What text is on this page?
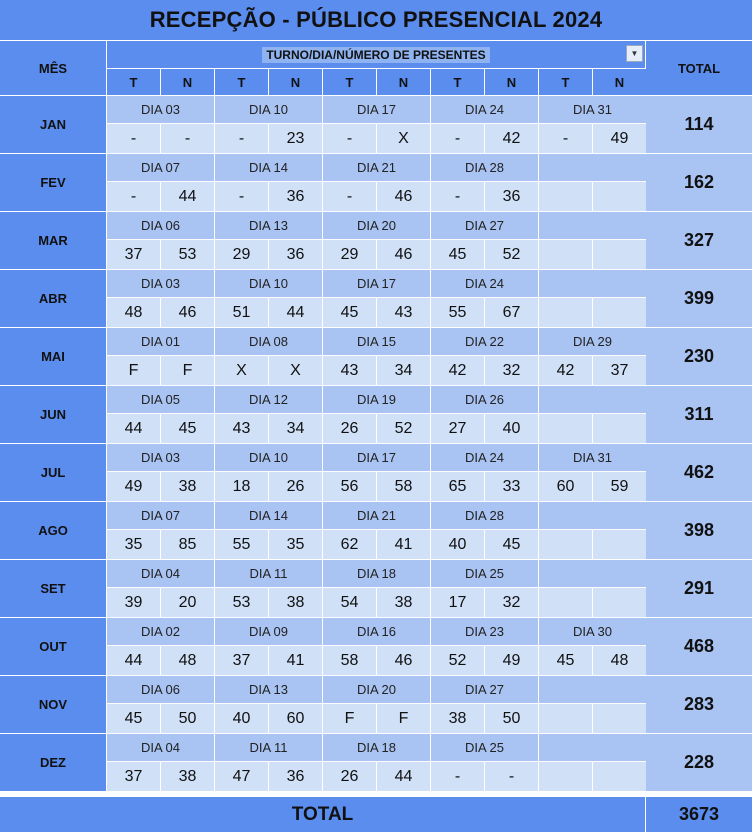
RECEPÇÃO - PÚBLICO PRESENCIAL 2024
MÊS
TURNO/DIA/NÚMERO DE PRESENTES	▼
TOTAL
T	N	T	N	T	N	T	N	T	N
JAN
DIA 03	DIA 10	DIA 17	DIA 24	DIA 31
-	-	-	23	-	X	-	42	-	49
114
FEV
DIA 07	DIA 14	DIA 21	DIA 28
-	44	-	36	-	46	-	36
162
MAR
DIA 06	DIA 13	DIA 20	DIA 27
37	53	29	36	29	46	45	52
327
ABR
DIA 03	DIA 10	DIA 17	DIA 24
48	46	51	44	45	43	55	67
399
MAI
DIA 01	DIA 08	DIA 15	DIA 22	DIA 29
F	F	X	X	43	34	42	32	42	37
230
JUN
DIA 05	DIA 12	DIA 19	DIA 26
44	45	43	34	26	52	27	40
311
JUL
DIA 03	DIA 10	DIA 17	DIA 24	DIA 31
49	38	18	26	56	58	65	33	60	59
462
AGO
DIA 07	DIA 14	DIA 21	DIA 28
35	85	55	35	62	41	40	45
398
SET
DIA 04	DIA 11	DIA 18	DIA 25
39	20	53	38	54	38	17	32
291
OUT
DIA 02	DIA 09	DIA 16	DIA 23	DIA 30
44	48	37	41	58	46	52	49	45	48
468
NOV
DIA 06	DIA 13	DIA 20	DIA 27
45	50	40	60	F	F	38	50
283
DEZ
DIA 04	DIA 11	DIA 18	DIA 25
37	38	47	36	26	44	-	-
228
TOTAL	3673
